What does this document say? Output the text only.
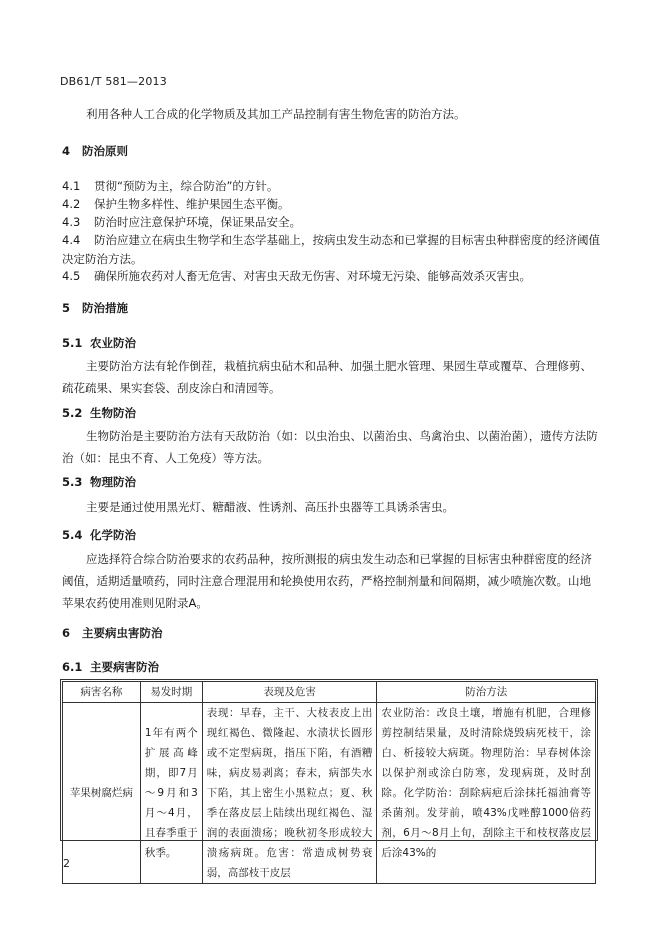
DB61/T 581—2013

利用各种人工合成的化学物质及其加工产品控制有害生物危害的防治方法。

4 防治原则
4.1 贯彻“预防为主，综合防治”的方针。
4.2 保护生物多样性、维护果园生态平衡。
4.3 防治时应注意保护环境，保证果品安全。
4.4 防治应建立在病虫生物学和生态学基础上，按病虫发生动态和已掌握的目标害虫种群密度的经济阈值决定防治方法。
4.5 确保所施农药对人畜无危害、对害虫天敌无伤害、对环境无污染、能够高效杀灭害虫。
5 防治措施
5.1 农业防治

主要防治方法有轮作倒茬，栽植抗病虫砧木和品种、加强土肥水管理、果园生草或覆草、合理修剪、疏花疏果、果实套袋、刮皮涂白和清园等。

5.2 生物防治

生物防治是主要防治方法有天敌防治（如：以虫治虫、以菌治虫、鸟禽治虫、以菌治菌），遗传方法防治（如：昆虫不育、人工免疫）等方法。

5.3 物理防治

主要是通过使用黑光灯、糖醋液、性诱剂、高压扑虫器等工具诱杀害虫。

5.4 化学防治

应选择符合综合防治要求的农药品种，按所测报的病虫发生动态和已掌握的目标害虫种群密度的经济阈值，适期适量喷药，同时注意合理混用和轮换使用农药，严格控制剂量和间隔期，减少喷施次数。山地苹果农药使用准则见附录A。

6 主要病虫害防治
6.1 主要病害防治
病害名称	易发时期	表现及危害	防治方法
苹果树腐烂病	1年有两个扩展高峰期，即7月～9月和3月～4月，且春季重于秋季。	表现：早春，主干、大枝表皮上出现红褐色、微隆起、水渍状长圆形或不定型病斑，指压下陷，有酒糟味，病皮易剥离；春末，病部失水下陷，其上密生小黑粒点；夏、秋季在落皮层上陆续出现红褐色、湿润的表面溃疡；晚秋初冬形成较大溃疡病斑。危害：常造成树势衰弱，高部枝干皮层	农业防治：改良土壤，增施有机肥，合理修剪控制结果量，及时清除烧毁病死枝干，涂白、析接较大病斑。物理防治：早春树体涂以保护剂或涂白防寒，发现病斑，及时刮除。化学防治：刮除病疤后涂抹托福油膏等杀菌剂。发芽前，喷43%戊唑醇1000倍药剂，6月～8月上旬，刮除主干和枝杈落皮层后涂43%的
2
